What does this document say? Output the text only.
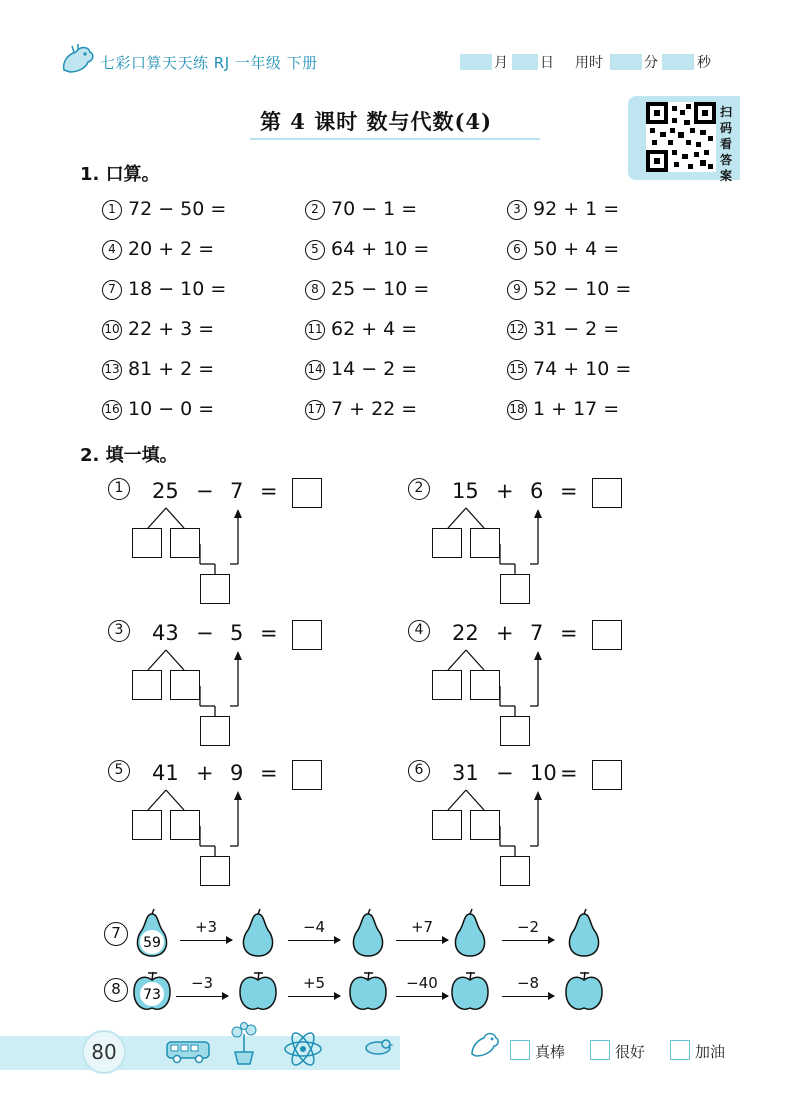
七彩口算天天练 RJ 一年级 下册	月 日 用时	分	秒
第 4 课时 数与代数(4)	扫码看答案
1. 口算。
1 72 − 50 =	2 70 − 1 =	3 92 + 1 =
4 20 + 2 =	5 64 + 10 =	6 50 + 4 =
7 18 − 10 =	8 25 − 10 =	9 52 − 10 =
10 22 + 3 =	11 62 + 4 =	12 31 − 2 =
13 81 + 2 =	14 14 − 2 =	15 74 + 10 =
16 10 − 0 =	17 7 + 22 =	18 1 + 17 =
2. 填一填。
1	25 − 7 =	2	15 + 6 =
3	43 − 5 =	4	22 + 7 =
5	41 + 9 =	6	31 − 10 =
7
59
+3	−4	+7	−2
8	73
−3	+5	−40	−8
80	真棒	很好	加油
